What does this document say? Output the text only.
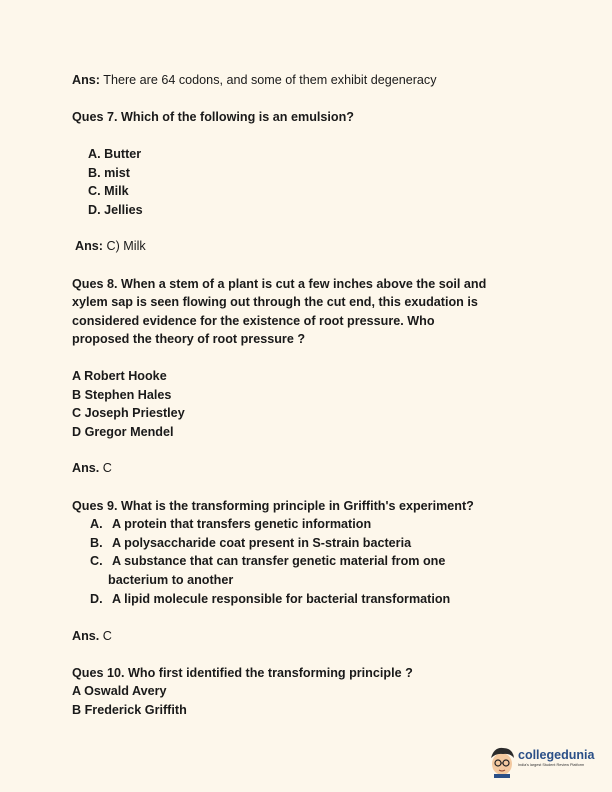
Ans: There are 64 codons, and some of them exhibit degeneracy
Ques 7. Which of the following is an emulsion?
A. Butter
B. mist
C. Milk
D. Jellies
Ans: C) Milk
Ques 8. When a stem of a plant is cut a few inches above the soil and
xylem sap is seen flowing out through the cut end, this exudation is
considered evidence for the existence of root pressure. Who
proposed the theory of root pressure ?
A Robert Hooke
B Stephen Hales
C Joseph Priestley
D Gregor Mendel
Ans. C
Ques 9. What is the transforming principle in Griffith's experiment?
A. A protein that transfers genetic information
B. A polysaccharide coat present in S-strain bacteria
C. A substance that can transfer genetic material from one
bacterium to another
D. A lipid molecule responsible for bacterial transformation
Ans. C
Ques 10. Who first identified the transforming principle ?
A Oswald Avery
B Frederick Griffith
collegedunia
India's largest Student Review Platform
